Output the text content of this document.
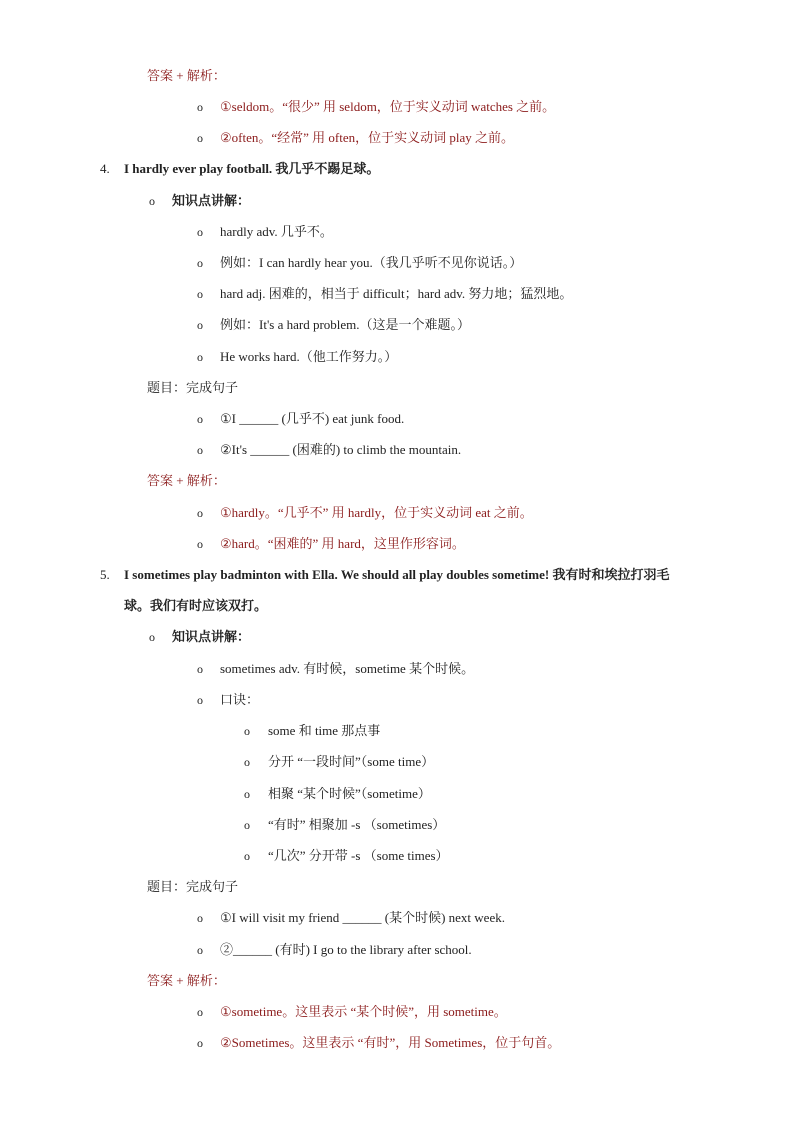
答案 + 解析：
o ①seldom。“很少” 用 seldom，位于实义动词 watches 之前。
o ②often。“经常” 用 often，位于实义动词 play 之前。
4. I hardly ever play football. 我几乎不踢足球。
o 知识点讲解：
o hardly adv. 几乎不。
o 例如：I can hardly hear you.（我几乎听不见你说话。）
o hard adj. 困难的，相当于 difficult；hard adv. 努力地；猛烈地。
o 例如：It's a hard problem.（这是一个难题。）
o He works hard.（他工作努力。）
题目：完成句子
o ①I ______ (几乎不) eat junk food.
o ②It's ______ (困难的) to climb the mountain.
答案 + 解析：
o ①hardly。“几乎不” 用 hardly，位于实义动词 eat 之前。
o ②hard。“困难的” 用 hard，这里作形容词。
5. I sometimes play badminton with Ella. We should all play doubles sometime! 我有时和埃拉打羽毛
球。我们有时应该双打。
o 知识点讲解：
o sometimes adv. 有时候，sometime 某个时候。
o 口诀：
o some 和 time 那点事
o 分开 “一段时间”（some time）
o 相聚 “某个时候”（sometime）
o “有时” 相聚加 -s （sometimes）
o “几次” 分开带 -s （some times）
题目：完成句子
o ①I will visit my friend ______ (某个时候) next week.
o ②______ (有时) I go to the library after school.
答案 + 解析：
o ①sometime。这里表示 “某个时候”，用 sometime。
o ②Sometimes。这里表示 “有时”，用 Sometimes，位于句首。
